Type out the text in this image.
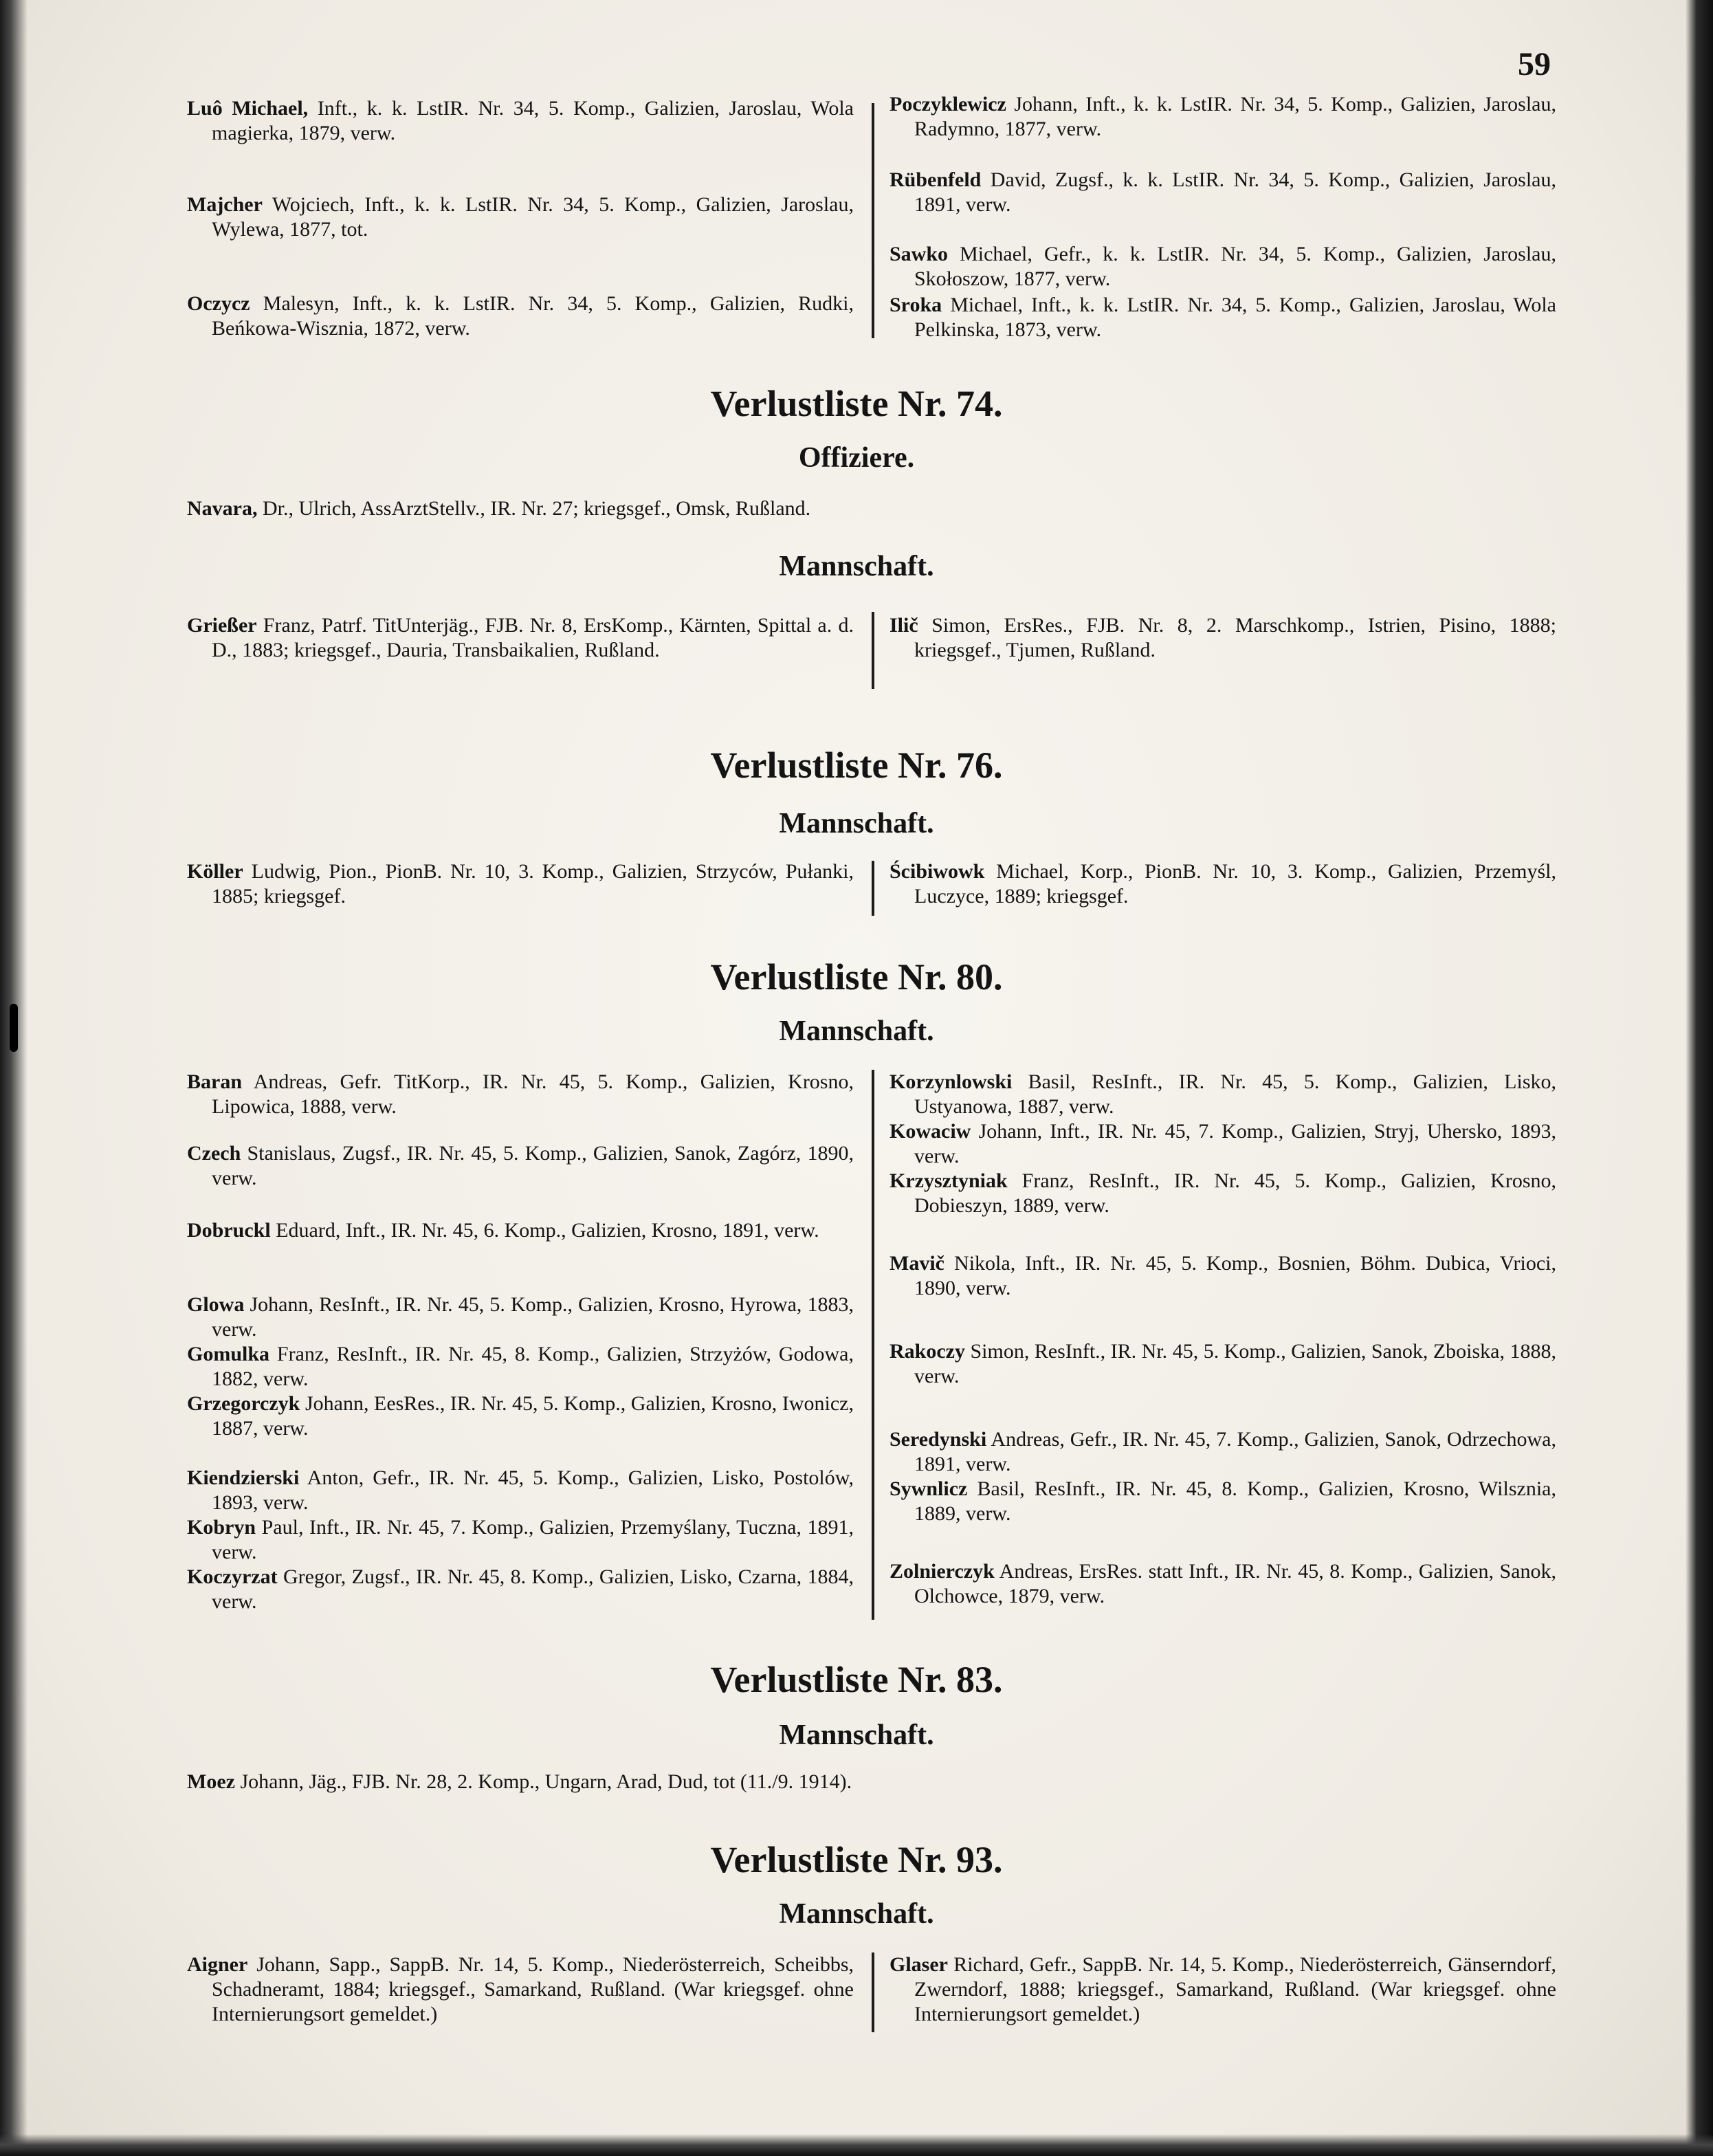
59
Luô Michael, Inft., k. k. LstIR. Nr. 34, 5. Komp., Galizien, Jaroslau, Wola magierka, 1879, verw.
Majcher Wojciech, Inft., k. k. LstIR. Nr. 34, 5. Komp., Galizien, Jaroslau, Wylewa, 1877, tot.
Oczycz Malesyn, Inft., k. k. LstIR. Nr. 34, 5. Komp., Galizien, Rudki, Beńkowa-Wisznia, 1872, verw.
Poczyklewicz Johann, Inft., k. k. LstIR. Nr. 34, 5. Komp., Galizien, Jaroslau, Radymno, 1877, verw.
Rübenfeld David, Zugsf., k. k. LstIR. Nr. 34, 5. Komp., Galizien, Jaroslau, 1891, verw.
Sawko Michael, Gefr., k. k. LstIR. Nr. 34, 5. Komp., Galizien, Jaroslau, Skołoszow, 1877, verw.
Sroka Michael, Inft., k. k. LstIR. Nr. 34, 5. Komp., Galizien, Jaroslau, Wola Pelkinska, 1873, verw.
Verlustliste Nr. 74.
Offiziere.
Navara, Dr., Ulrich, AssArztStellv., IR. Nr. 27; kriegsgef., Omsk, Rußland.
Mannschaft.
Grießer Franz, Patrf. TitUnterjäg., FJB. Nr. 8, ErsKomp., Kärnten, Spittal a. d. D., 1883; kriegsgef., Dauria, Transbaikalien, Rußland.
Ilič Simon, ErsRes., FJB. Nr. 8, 2. Marschkomp., Istrien, Pisino, 1888; kriegsgef., Tjumen, Rußland.
Verlustliste Nr. 76.
Mannschaft.
Köller Ludwig, Pion., PionB. Nr. 10, 3. Komp., Galizien, Strzyców, Pułanki, 1885; kriegsgef.
Ścibiwowk Michael, Korp., PionB. Nr. 10, 3. Komp., Galizien, Przemyśl, Luczyce, 1889; kriegsgef.
Verlustliste Nr. 80.
Mannschaft.
Baran Andreas, Gefr. TitKorp., IR. Nr. 45, 5. Komp., Galizien, Krosno, Lipowica, 1888, verw.
Czech Stanislaus, Zugsf., IR. Nr. 45, 5. Komp., Galizien, Sanok, Zagórz, 1890, verw.
Dobruckl Eduard, Inft., IR. Nr. 45, 6. Komp., Galizien, Krosno, 1891, verw.
Glowa Johann, ResInft., IR. Nr. 45, 5. Komp., Galizien, Krosno, Hyrowa, 1883, verw.
Gomulka Franz, ResInft., IR. Nr. 45, 8. Komp., Galizien, Strzyżów, Godowa, 1882, verw.
Grzegorczyk Johann, EesRes., IR. Nr. 45, 5. Komp., Galizien, Krosno, Iwonicz, 1887, verw.
Kiendzierski Anton, Gefr., IR. Nr. 45, 5. Komp., Galizien, Lisko, Postolów, 1893, verw.
Kobryn Paul, Inft., IR. Nr. 45, 7. Komp., Galizien, Przemyślany, Tuczna, 1891, verw.
Koczyrzat Gregor, Zugsf., IR. Nr. 45, 8. Komp., Galizien, Lisko, Czarna, 1884, verw.
Korzynlowski Basil, ResInft., IR. Nr. 45, 5. Komp., Galizien, Lisko, Ustyanowa, 1887, verw.
Kowaciw Johann, Inft., IR. Nr. 45, 7. Komp., Galizien, Stryj, Uhersko, 1893, verw.
Krzysztyniak Franz, ResInft., IR. Nr. 45, 5. Komp., Galizien, Krosno, Dobieszyn, 1889, verw.
Mavič Nikola, Inft., IR. Nr. 45, 5. Komp., Bosnien, Böhm. Dubica, Vrioci, 1890, verw.
Rakoczy Simon, ResInft., IR. Nr. 45, 5. Komp., Galizien, Sanok, Zboiska, 1888, verw.
Seredynski Andreas, Gefr., IR. Nr. 45, 7. Komp., Galizien, Sanok, Odrzechowa, 1891, verw.
Sywnlicz Basil, ResInft., IR. Nr. 45, 8. Komp., Galizien, Krosno, Wilsznia, 1889, verw.
Zolnierczyk Andreas, ErsRes. statt Inft., IR. Nr. 45, 8. Komp., Galizien, Sanok, Olchowce, 1879, verw.
Verlustliste Nr. 83.
Mannschaft.
Moez Johann, Jäg., FJB. Nr. 28, 2. Komp., Ungarn, Arad, Dud, tot (11./9. 1914).
Verlustliste Nr. 93.
Mannschaft.
Aigner Johann, Sapp., SappB. Nr. 14, 5. Komp., Niederösterreich, Scheibbs, Schadneramt, 1884; kriegsgef., Samarkand, Rußland. (War kriegsgef. ohne Internierungsort gemeldet.)
Glaser Richard, Gefr., SappB. Nr. 14, 5. Komp., Niederösterreich, Gänserndorf, Zwerndorf, 1888; kriegsgef., Samarkand, Rußland. (War kriegsgef. ohne Internierungsort gemeldet.)
